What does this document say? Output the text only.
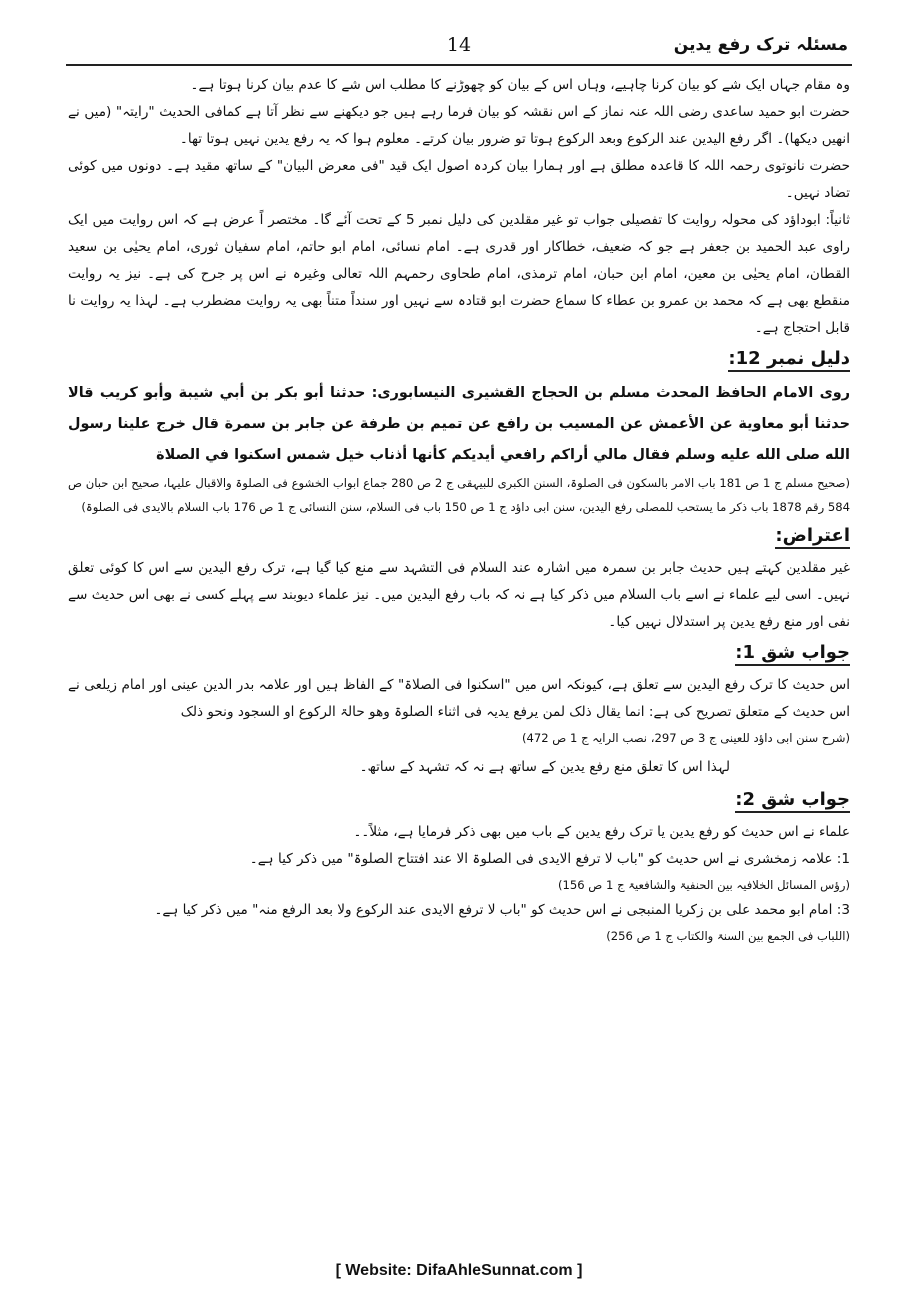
مسئلہ ترک رفع یدین
14

وہ مقام جہاں ایک شے کو بیان کرنا چاہیے، وہاں اس کے بیان کو چھوڑنے کا مطلب اس شے کا عدم بیان کرنا ہوتا ہے۔

حضرت ابو حمید ساعدی رضی اللہ عنہ نماز کے اس نقشہ کو بیان فرما رہے ہیں جو دیکھنے سے نظر آتا ہے کمافی الحدیث "رایتہ" (میں نے انھیں دیکھا)۔ اگر رفع الیدین عند الرکوع وبعد الرکوع ہوتا تو ضرور بیان کرتے۔ معلوم ہوا کہ یہ رفع یدین نہیں ہوتا تھا۔

حضرت نانوتوی رحمہ اللہ کا قاعدہ مطلق ہے اور ہمارا بیان کردہ اصول ایک قید "فی معرض البیان" کے ساتھ مقید ہے۔ دونوں میں کوئی تضاد نہیں۔

ثانیاً: ابوداؤد کی محولہ روایت کا تفصیلی جواب تو غیر مقلدین کی دلیل نمبر 5 کے تحت آئے گا۔ مختصر اً عرض ہے کہ اس روایت میں ایک راوی عبد الحمید بن جعفر ہے جو کہ ضعیف، خطاکار اور قدری ہے۔ امام نسائی، امام ابو حاتم، امام سفیان ثوری، امام یحیٰی بن سعید القطان، امام یحیٰی بن معین، امام ابن حبان، امام ترمذی، امام طحاوی رحمہم اللہ تعالی وغیرہ نے اس پر جرح کی ہے۔ نیز یہ روایت منقطع بھی ہے کہ محمد بن عمرو بن عطاء کا سماع حضرت ابو قتادہ سے نہیں اور سنداً متناً بھی یہ روایت مضطرب ہے۔ لہذا یہ روایت نا قابل احتجاج ہے۔

دلیل نمبر 12:

روی الامام الحافظ المحدث مسلم بن الحجاج القشیری النیسابوری: حدثنا أبو بکر بن أبي شیبة وأبو کریب قالا حدثنا أبو معاویة عن الأعمش عن المسیب بن رافع عن تمیم بن طرفة عن جابر بن سمرة قال خرج علینا رسول الله صلی الله علیه وسلم فقال مالي أراکم رافعي أیدیکم کأنها أذناب خیل شمس اسکنوا في الصلاة

(صحیح مسلم ج 1 ص 181 باب الامر بالسکون فی الصلوۃ، السنن الکبری للبیہقی ج 2 ص 280 جماع ابواب الخشوع فی الصلوۃ والاقبال علیہا، صحیح ابن حبان ص 584 رقم 1878 باب ذکر ما یستحب للمصلی رفع الیدین، سنن ابی داؤد ج 1 ص 150 باب فی السلام، سنن النسائی ج 1 ص 176 باب السلام بالایدی فی الصلوۃ)

اعتراض:

غیر مقلدین کہتے ہیں حدیث جابر بن سمرہ میں اشارہ عند السلام فی التشہد سے منع کیا گیا ہے، ترک رفع الیدین سے اس کا کوئی تعلق نہیں۔ اسی لیے علماء نے اسے باب السلام میں ذکر کیا ہے نہ کہ باب رفع الیدین میں۔ نیز علماء دیوبند سے پہلے کسی نے بھی اس حدیث سے نفی اور منع رفع یدین پر استدلال نہیں کیا۔

جواب شق 1:

اس حدیث کا ترک رفع الیدین سے تعلق ہے، کیونکہ اس میں "اسکنوا فی الصلاۃ" کے الفاظ ہیں اور علامہ بدر الدین عینی اور امام زیلعی نے اس حدیث کے متعلق تصریح کی ہے: انما یقال ذلک لمن یرفع یدیہ فی اثناء الصلوۃ وھو حالۃ الرکوع او السجود ونحو ذلک

(شرح سنن ابی داؤد للعینی ج 3 ص 297، نصب الرایہ ج 1 ص 472)

لہذا اس کا تعلق منع رفع یدین کے ساتھ ہے نہ کہ تشہد کے ساتھ۔

جواب شق 2:

علماء نے اس حدیث کو رفع یدین یا ترک رفع یدین کے باب میں بھی ذکر فرمایا ہے، مثلاً۔۔

1: علامہ زمخشری نے اس حدیث کو "باب لا ترفع الایدی فی الصلوۃ الا عند افتتاح الصلوۃ" میں ذکر کیا ہے۔

(رؤس المسائل الخلافیہ بین الحنفیۃ والشافعیۃ ج 1 ص 156)

3: امام ابو محمد علی بن زکریا المنبجی نے اس حدیث کو "باب لا ترفع الایدی عند الرکوع ولا بعد الرفع منہ" میں ذکر کیا ہے۔

(اللباب فی الجمع بین السنۃ والکتاب ج 1 ص 256)

[ Website: DifaAhleSunnat.com ]
